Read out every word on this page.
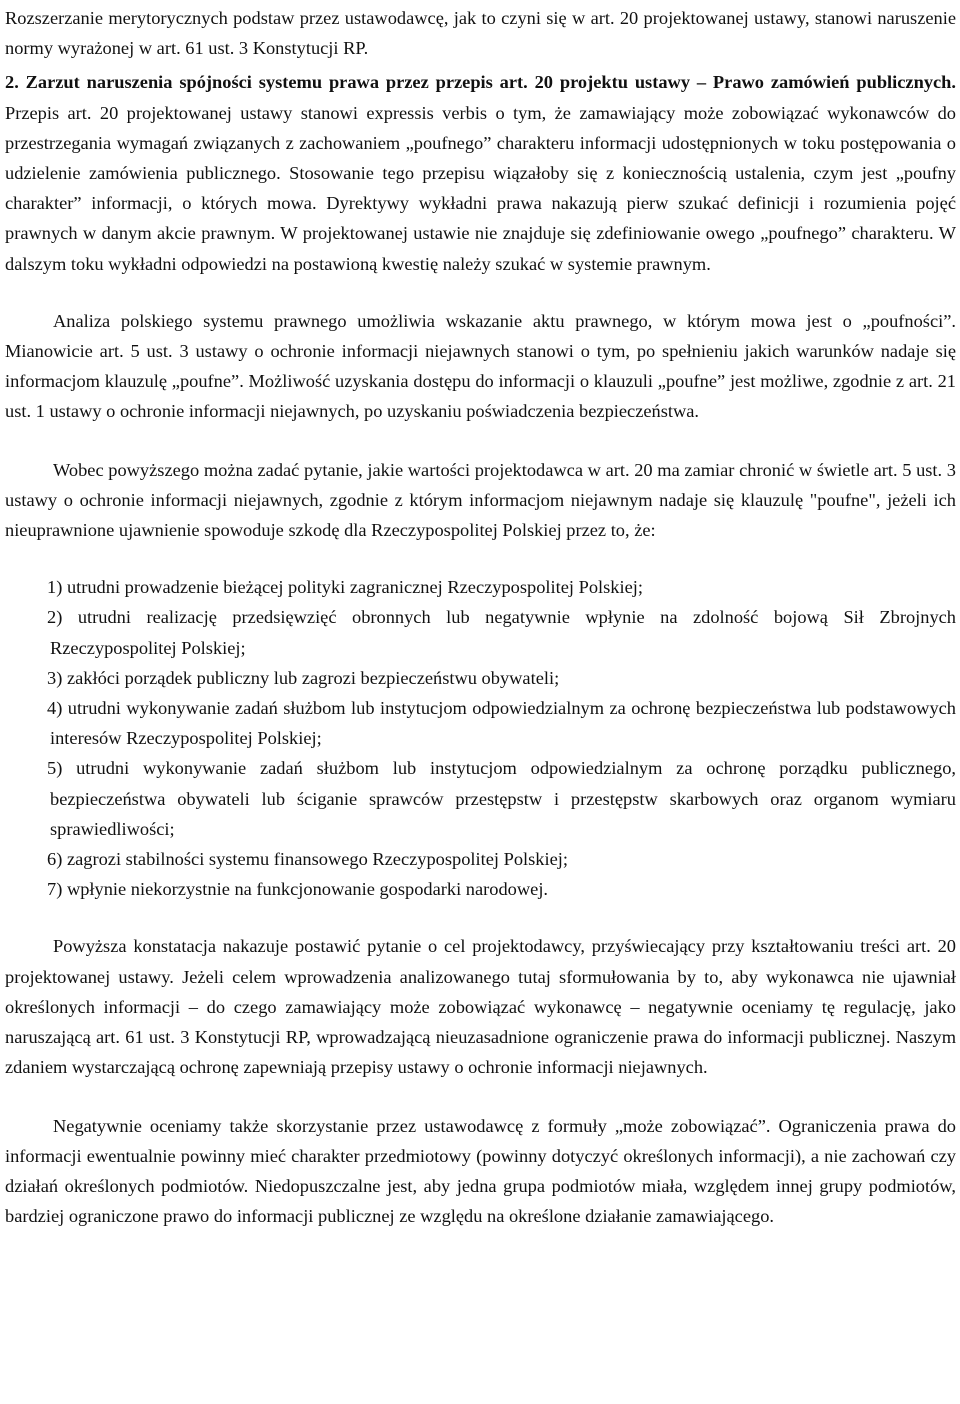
Rozszerzanie merytorycznych podstaw przez ustawodawcę, jak to czyni się w art. 20 projektowanej ustawy, stanowi naruszenie normy wyrażonej w art. 61 ust. 3 Konstytucji RP.

2. Zarzut naruszenia spójności systemu prawa przez przepis art. 20 projektu ustawy – Prawo zamówień publicznych. Przepis art. 20 projektowanej ustawy stanowi expressis verbis o tym, że zamawiający może zobowiązać wykonawców do przestrzegania wymagań związanych z zachowaniem „poufnego” charakteru informacji udostępnionych w toku postępowania o udzielenie zamówienia publicznego. Stosowanie tego przepisu wiązałoby się z koniecznością ustalenia, czym jest „poufny charakter” informacji, o których mowa. Dyrektywy wykładni prawa nakazują pierw szukać definicji i rozumienia pojęć prawnych w danym akcie prawnym. W projektowanej ustawie nie znajduje się zdefiniowanie owego „poufnego” charakteru. W dalszym toku wykładni odpowiedzi na postawioną kwestię należy szukać w systemie prawnym.

Analiza polskiego systemu prawnego umożliwia wskazanie aktu prawnego, w którym mowa jest o „poufności”. Mianowicie art. 5 ust. 3 ustawy o ochronie informacji niejawnych stanowi o tym, po spełnieniu jakich warunków nadaje się informacjom klauzulę „poufne”. Możliwość uzyskania dostępu do informacji o klauzuli „poufne” jest możliwe, zgodnie z art. 21 ust. 1 ustawy o ochronie informacji niejawnych, po uzyskaniu poświadczenia bezpieczeństwa.

Wobec powyższego można zadać pytanie, jakie wartości projektodawca w art. 20 ma zamiar chronić w świetle art. 5 ust. 3 ustawy o ochronie informacji niejawnych, zgodnie z którym informacjom niejawnym nadaje się klauzulę "poufne", jeżeli ich nieuprawnione ujawnienie spowoduje szkodę dla Rzeczypospolitej Polskiej przez to, że:

1) utrudni prowadzenie bieżącej polityki zagranicznej Rzeczypospolitej Polskiej;
2) utrudni realizację przedsięwzięć obronnych lub negatywnie wpłynie na zdolność bojową Sił Zbrojnych Rzeczypospolitej Polskiej;
3) zakłóci porządek publiczny lub zagrozi bezpieczeństwu obywateli;
4) utrudni wykonywanie zadań służbom lub instytucjom odpowiedzialnym za ochronę bezpieczeństwa lub podstawowych interesów Rzeczypospolitej Polskiej;
5) utrudni wykonywanie zadań służbom lub instytucjom odpowiedzialnym za ochronę porządku publicznego, bezpieczeństwa obywateli lub ściganie sprawców przestępstw i przestępstw skarbowych oraz organom wymiaru sprawiedliwości;
6) zagrozi stabilności systemu finansowego Rzeczypospolitej Polskiej;
7) wpłynie niekorzystnie na funkcjonowanie gospodarki narodowej.

Powyższa konstatacja nakazuje postawić pytanie o cel projektodawcy, przyświecający przy kształtowaniu treści art. 20 projektowanej ustawy. Jeżeli celem wprowadzenia analizowanego tutaj sformułowania by to, aby wykonawca nie ujawniał określonych informacji – do czego zamawiający może zobowiązać wykonawcę – negatywnie oceniamy tę regulację, jako naruszającą art. 61 ust. 3 Konstytucji RP, wprowadzającą nieuzasadnione ograniczenie prawa do informacji publicznej. Naszym zdaniem wystarczającą ochronę zapewniają przepisy ustawy o ochronie informacji niejawnych.

Negatywnie oceniamy także skorzystanie przez ustawodawcę z formuły „może zobowiązać”. Ograniczenia prawa do informacji ewentualnie powinny mieć charakter przedmiotowy (powinny dotyczyć określonych informacji), a nie zachowań czy działań określonych podmiotów. Niedopuszczalne jest, aby jedna grupa podmiotów miała, względem innej grupy podmiotów, bardziej ograniczone prawo do informacji publicznej ze względu na określone działanie zamawiającego.
